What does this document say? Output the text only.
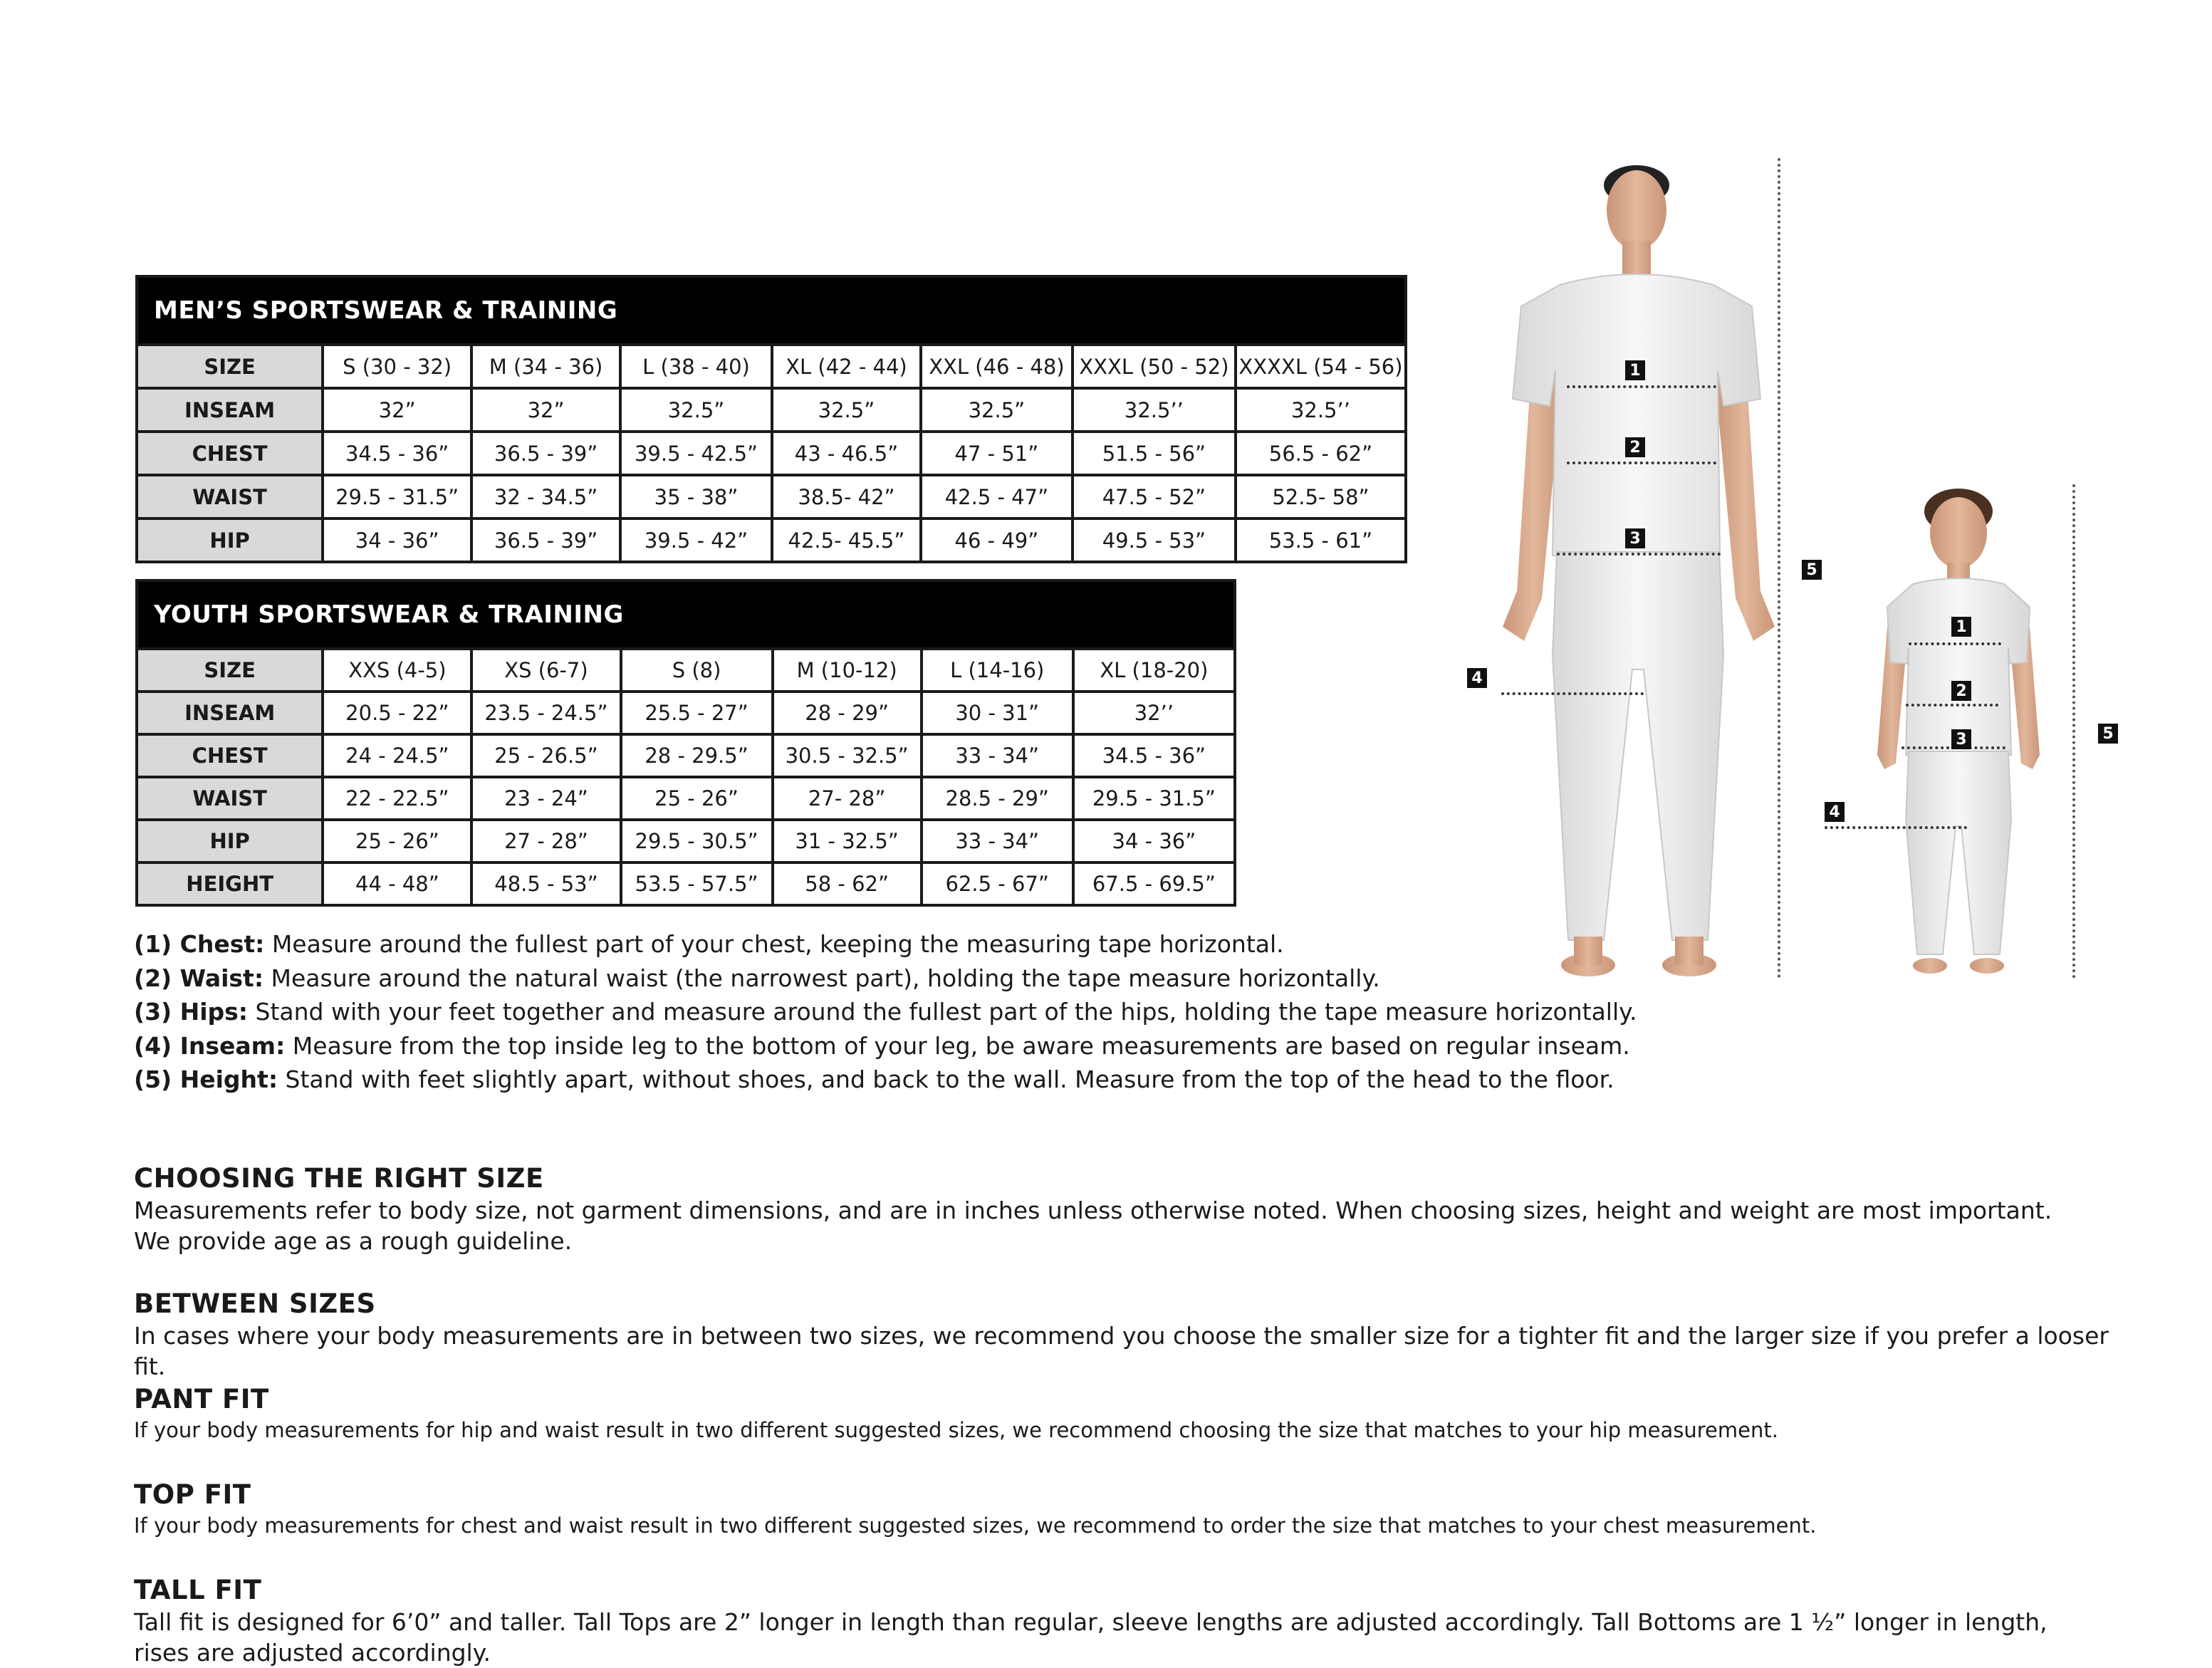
MEN’S SPORTSWEAR & TRAINING							
SIZE	S (30 - 32)	M (34 - 36)	L (38 - 40)	XL (42 - 44)	XXL (46 - 48)	XXXL (50 - 52)	XXXXL (54 - 56)
INSEAM	32”	32”	32.5”	32.5”	32.5”	32.5’’	32.5’’
CHEST	34.5 - 36”	36.5 - 39”	39.5 - 42.5”	43 - 46.5”	47 - 51”	51.5 - 56”	56.5 - 62”
WAIST	29.5 - 31.5”	32 - 34.5”	35 - 38”	38.5- 42”	42.5 - 47”	47.5 - 52”	52.5- 58”
HIP	34 - 36”	36.5 - 39”	39.5 - 42”	42.5- 45.5”	46 - 49”	49.5 - 53”	53.5 - 61”
YOUTH SPORTSWEAR & TRAINING						
SIZE	XXS (4-5)	XS (6-7)	S (8)	M (10-12)	L (14-16)	XL (18-20)
INSEAM	20.5 - 22”	23.5 - 24.5”	25.5 - 27”	28 - 29”	30 - 31”	32’’
CHEST	24 - 24.5”	25 - 26.5”	28 - 29.5”	30.5 - 32.5”	33 - 34”	34.5 - 36”
WAIST	22 - 22.5”	23 - 24”	25 - 26”	27- 28”	28.5 - 29”	29.5 - 31.5”
HIP	25 - 26”	27 - 28”	29.5 - 30.5”	31 - 32.5”	33 - 34”	34 - 36”
HEIGHT	44 - 48”	48.5 - 53”	53.5 - 57.5”	58 - 62”	62.5 - 67”	67.5 - 69.5”
(1) Chest: Measure around the fullest part of your chest, keeping the measuring tape horizontal.
(2) Waist: Measure around the natural waist (the narrowest part), holding the tape measure horizontally.
(3) Hips: Stand with your feet together and measure around the fullest part of the hips, holding the tape measure horizontally.
(4) Inseam: Measure from the top inside leg to the bottom of your leg, be aware measurements are based on regular inseam.
(5) Height: Stand with feet slightly apart, without shoes, and back to the wall. Measure from the top of the head to the floor.
CHOOSING THE RIGHT SIZE
Measurements refer to body size, not garment dimensions, and are in inches unless otherwise noted. When choosing sizes, height and weight are most important.
We provide age as a rough guideline.
BETWEEN SIZES
In cases where your body measurements are in between two sizes, we recommend you choose the smaller size for a tighter fit and the larger size if you prefer a looser fit.
PANT FIT
If your body measurements for hip and waist result in two different suggested sizes, we recommend choosing the size that matches to your hip measurement.
TOP FIT
If your body measurements for chest and waist result in two different suggested sizes, we recommend to order the size that matches to your chest measurement.
TALL FIT
Tall fit is designed for 6’0” and taller. Tall Tops are 2” longer in length than regular, sleeve lengths are adjusted accordingly. Tall Bottoms are 1 ½” longer in length, rises are adjusted accordingly.
1
2
3
4
5
1
2
3
4
5
